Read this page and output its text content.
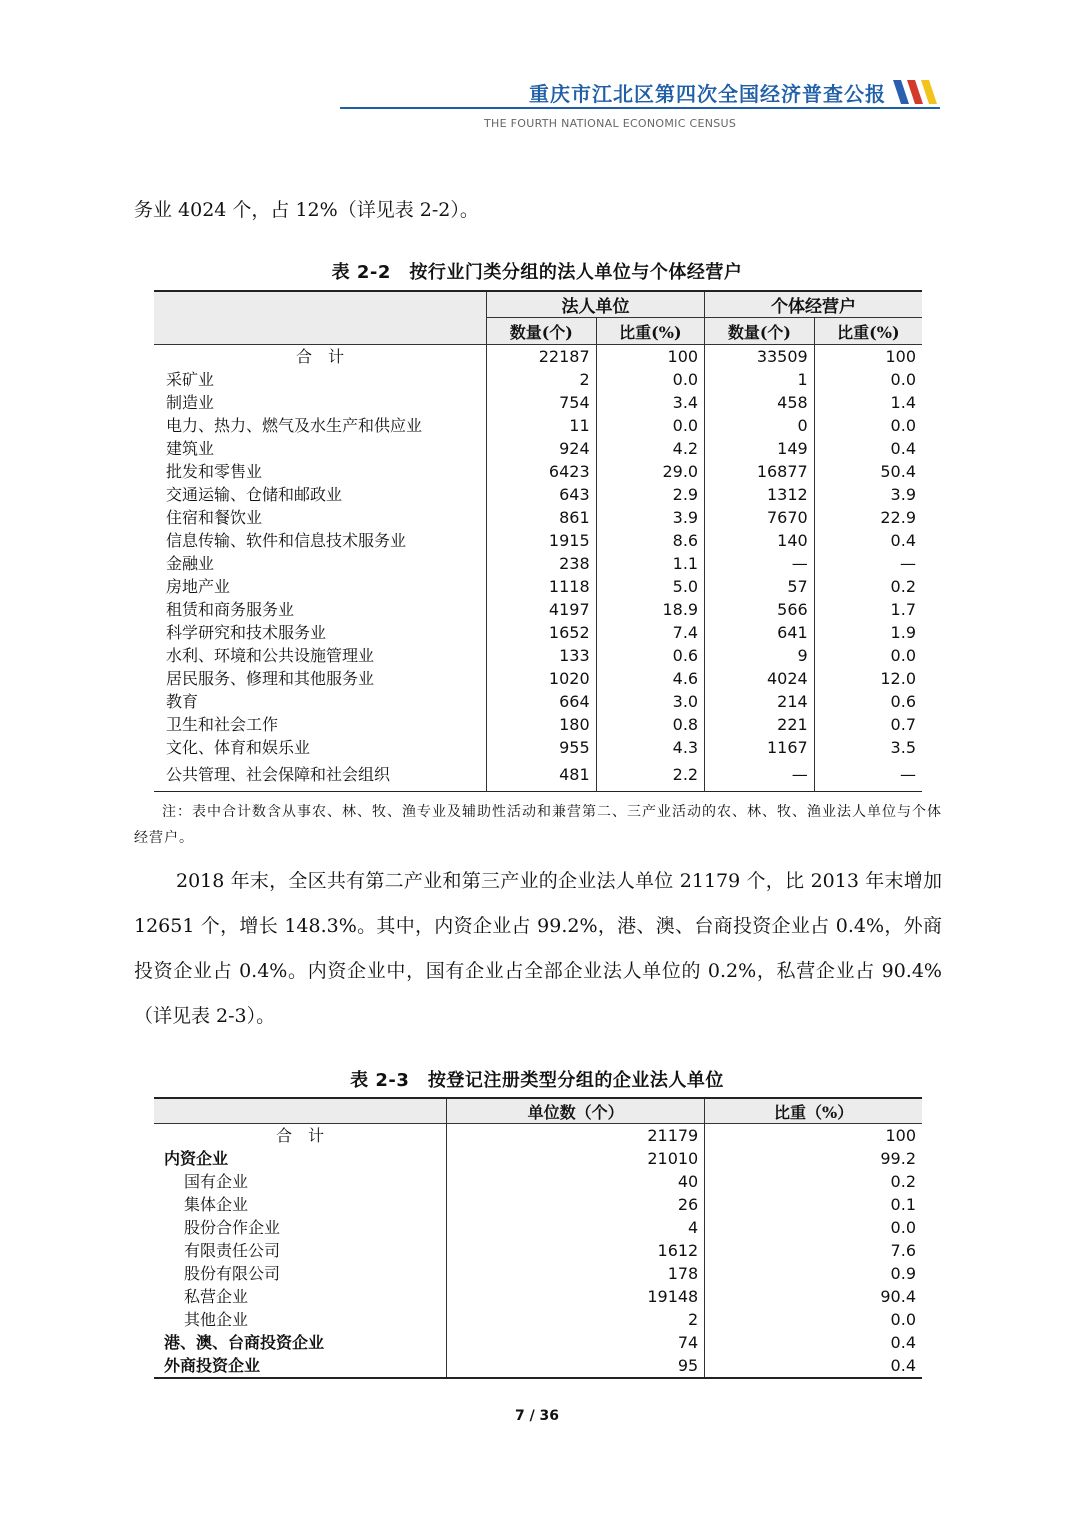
重庆市江北区第四次全国经济普查公报
THE FOURTH NATIONAL ECONOMIC CENSUS
务业 4024 个，占 12%（详见表 2-2）。
表 2-2　按行业门类分组的法人单位与个体经营户
	法人单位		个体经营户	
	数量(个)	比重(%)	数量(个)	比重(%)
合　计	22187	100	33509	100
采矿业	2	0.0	1	0.0
制造业	754	3.4	458	1.4
电力、热力、燃气及水生产和供应业	11	0.0	0	0.0
建筑业	924	4.2	149	0.4
批发和零售业	6423	29.0	16877	50.4
交通运输、仓储和邮政业	643	2.9	1312	3.9
住宿和餐饮业	861	3.9	7670	22.9
信息传输、软件和信息技术服务业	1915	8.6	140	0.4
金融业	238	1.1	—	—
房地产业	1118	5.0	57	0.2
租赁和商务服务业	4197	18.9	566	1.7
科学研究和技术服务业	1652	7.4	641	1.9
水利、环境和公共设施管理业	133	0.6	9	0.0
居民服务、修理和其他服务业	1020	4.6	4024	12.0
教育	664	3.0	214	0.6
卫生和社会工作	180	0.8	221	0.7
文化、体育和娱乐业	955	4.3	1167	3.5
公共管理、社会保障和社会组织	481	2.2	—	—
注：表中合计数含从事农、林、牧、渔专业及辅助性活动和兼营第二、三产业活动的农、林、牧、渔业法人单位与个体经营户。
2018 年末，全区共有第二产业和第三产业的企业法人单位 21179 个，比 2013 年末增加 12651 个，增长 148.3%。其中，内资企业占 99.2%，港、澳、台商投资企业占 0.4%，外商投资企业占 0.4%。内资企业中，国有企业占全部企业法人单位的 0.2%，私营企业占 90.4%（详见表 2-3）。
表 2-3　按登记注册类型分组的企业法人单位
	单位数（个）	比重（%）
合　计	21179	100
内资企业	21010	99.2
国有企业	40	0.2
集体企业	26	0.1
股份合作企业	4	0.0
有限责任公司	1612	7.6
股份有限公司	178	0.9
私营企业	19148	90.4
其他企业	2	0.0
港、澳、台商投资企业	74	0.4
外商投资企业	95	0.4
7 / 36
